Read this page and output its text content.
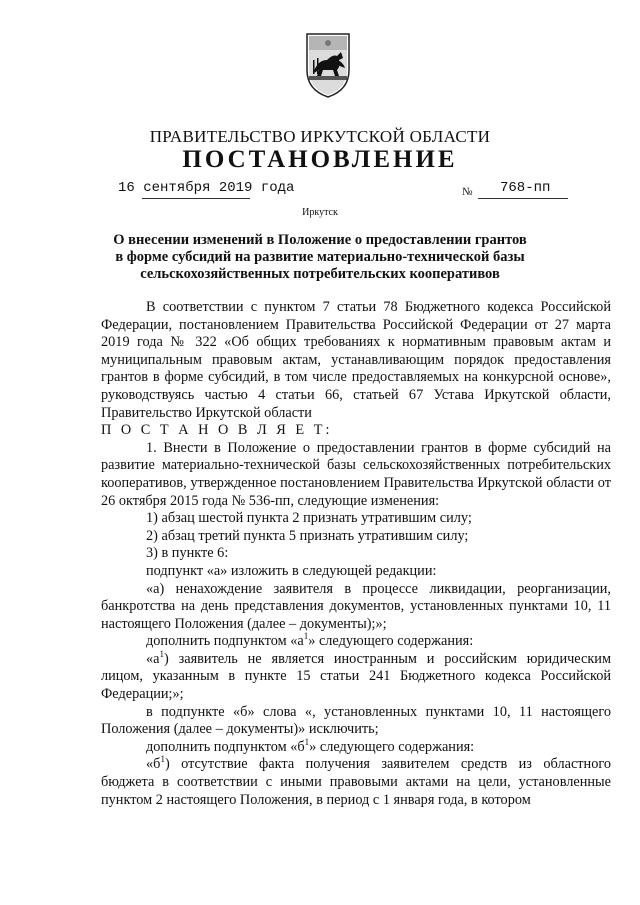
ПРАВИТЕЛЬСТВО ИРКУТСКОЙ ОБЛАСТИ
ПОСТАНОВЛЕНИЕ
16 сентября 2019 года	№ 768-пп
Иркутск
О внесении изменений в Положение о предоставлении грантов в форме субсидий на развитие материально-технической базы сельскохозяйственных потребительских кооперативов

В соответствии с пунктом 7 статьи 78 Бюджетного кодекса Российской Федерации, постановлением Правительства Российской Федерации от 27 марта 2019 года № 322 «Об общих требованиях к нормативным правовым актам и муниципальным правовым актам, устанавливающим порядок предоставления грантов в форме субсидий, в том числе предоставляемых на конкурсной основе», руководствуясь частью 4 статьи 66, статьей 67 Устава Иркутской области, Правительство Иркутской области

П О С Т А Н О В Л Я Е Т:

1. Внести в Положение о предоставлении грантов в форме субсидий на развитие материально-технической базы сельскохозяйственных потребительских кооперативов, утвержденное постановлением Правительства Иркутской области от 26 октября 2015 года № 536-пп, следующие изменения:

1) абзац шестой пункта 2 признать утратившим силу;

2) абзац третий пункта 5 признать утратившим силу;

3) в пункте 6:

подпункт «а» изложить в следующей редакции:

«а) ненахождение заявителя в процессе ликвидации, реорганизации, банкротства на день представления документов, установленных пунктами 10, 11 настоящего Положения (далее – документы);»;

дополнить подпунктом «$а^1$» следующего содержания:

«$а^1$) заявитель не является иностранным и российским юридическим лицом, указанным в пункте 15 статьи 241 Бюджетного кодекса Российской Федерации;»;

в подпункте «б» слова «, установленных пунктами 10, 11 настоящего Положения (далее – документы)» исключить;

дополнить подпунктом «$б^1$» следующего содержания:

«$б^1$) отсутствие факта получения заявителем средств из областного бюджета в соответствии с иными правовыми актами на цели, установленные пунктом 2 настоящего Положения, в период с 1 января года, в котором
